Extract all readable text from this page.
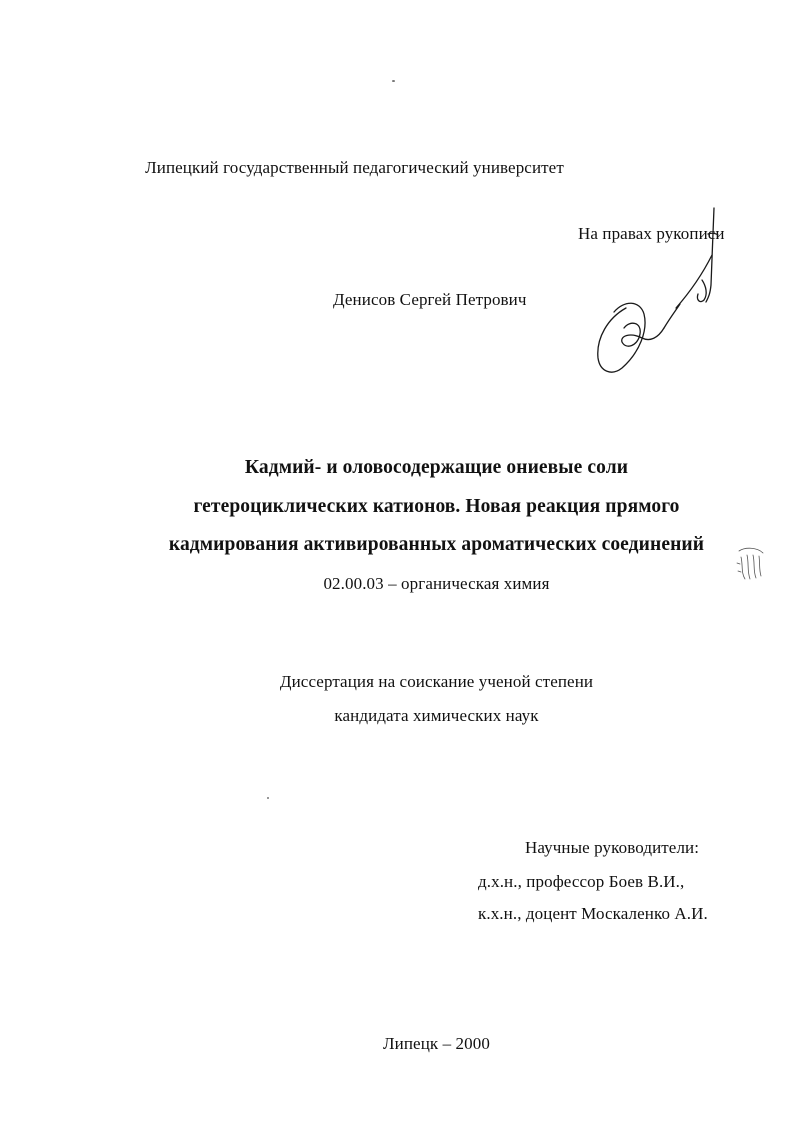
Липецкий государственный педагогический университет
На правах рукописи
Денисов Сергей Петрович
Кадмий- и оловосодержащие ониевые соли
гетероциклических катионов. Новая реакция прямого
кадмирования активированных ароматических соединений
02.00.03 – органическая химия
Диссертация на соискание ученой степени
кандидата химических наук
Научные руководители:
д.х.н., профессор Боев В.И.,
к.х.н., доцент Москаленко А.И.
Липецк – 2000
